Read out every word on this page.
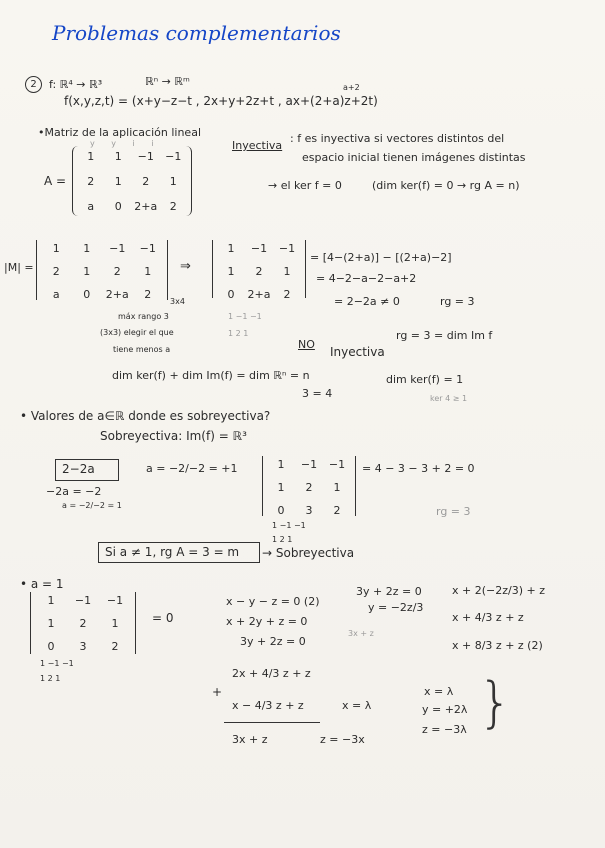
Problemas complementarios
2	f: ℝ⁴ → ℝ³	ℝⁿ → ℝᵐ	a+2
f(x,y,z,t) = (x+y−z−t , 2x+y+2z+t , ax+(2+a)z+2t)
•Matriz de la aplicación lineal
y y i i
A =
1	1	−1	−1
2	1	2	1
a	0	2+a	2
Inyectiva
: f es inyectiva si vectores distintos del
espacio inicial tienen imágenes distintas
→ el ker f = 0	(dim ker(f) = 0 → rg A = n)
|M| =
1	1	−1	−1
2	1	2	1
a	0	2+a	2
3x4
⇒
1	−1	−1
1	2	1
0	2+a	2
= [4−(2+a)] − [(2+a)−2]
= 4−2−a−2−a+2
= 2−2a ≠ 0	rg = 3
máx rango 3
(3x3) elegir el que
tiene menos a
1 −1 −1
1 2 1	rg = 3 = dim Im f
NO
Inyectiva
dim ker(f) + dim Im(f) = dim ℝⁿ = n
3 = 4
dim ker(f) = 1
ker 4 ≥ 1
• Valores de a∈ℝ donde es sobreyectiva?
Sobreyectiva: Im(f) = ℝ³
2−2a
−2a = −2
a = −2/−2 = 1
a = −2/−2 = +1	1	−1	−1
1	2	1
0	3	2
1 −1 −1
1 2 1
= 4 − 3 − 3 + 2 = 0
rg = 3
Si a ≠ 1, rg A = 3 = m → Sobreyectiva
• a = 1
1	−1	−1
1	2	1
0	3	2
1 −1 −1
1 2 1
= 0
x − y − z = 0 (2)
x + 2y + z = 0
3y + 2z = 0
3y + 2z = 0
y = −2z/3
3x + z
x + 2(−2z/3) + z
x + 4/3 z + z
x + 8/3 z + z (2)
2x + 4/3 z + z
+
x − 4/3 z + z	x = λ
3x + z	z = −3x
x = λ
y = +2λ
z = −3λ }
